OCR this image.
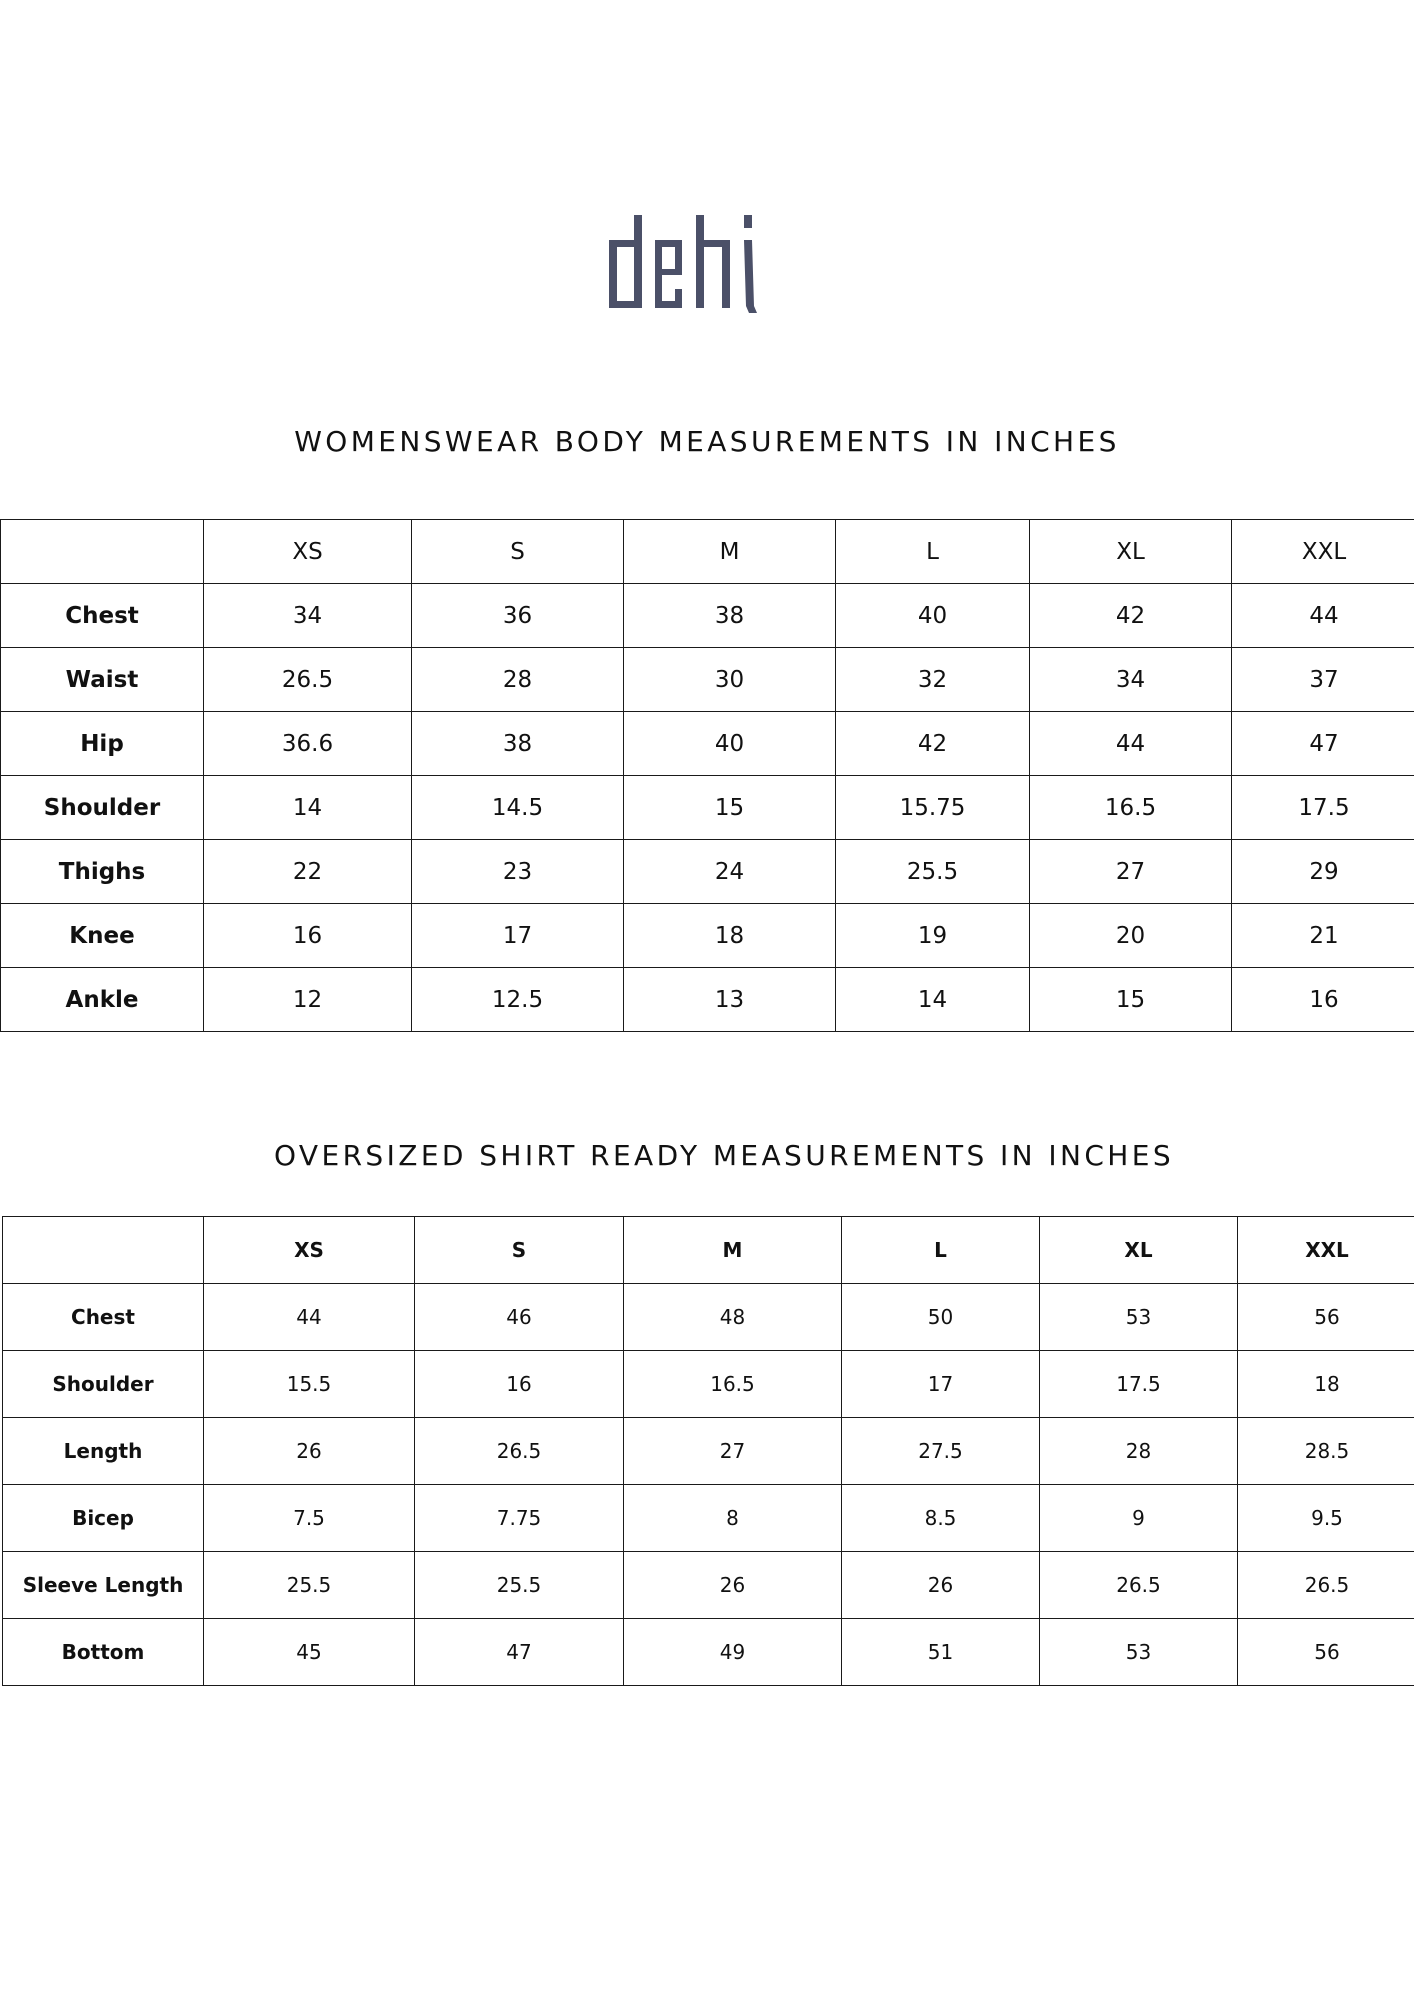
WOMENSWEAR BODY MEASUREMENTS IN INCHES
	XS	S	M	L	XL	XXL
Chest	34	36	38	40	42	44
Waist	26.5	28	30	32	34	37
Hip	36.6	38	40	42	44	47
Shoulder	14	14.5	15	15.75	16.5	17.5
Thighs	22	23	24	25.5	27	29
Knee	16	17	18	19	20	21
Ankle	12	12.5	13	14	15	16
OVERSIZED SHIRT READY MEASUREMENTS IN INCHES
	XS	S	M	L	XL	XXL
Chest	44	46	48	50	53	56
Shoulder	15.5	16	16.5	17	17.5	18
Length	26	26.5	27	27.5	28	28.5
Bicep	7.5	7.75	8	8.5	9	9.5
Sleeve Length	25.5	25.5	26	26	26.5	26.5
Bottom	45	47	49	51	53	56
